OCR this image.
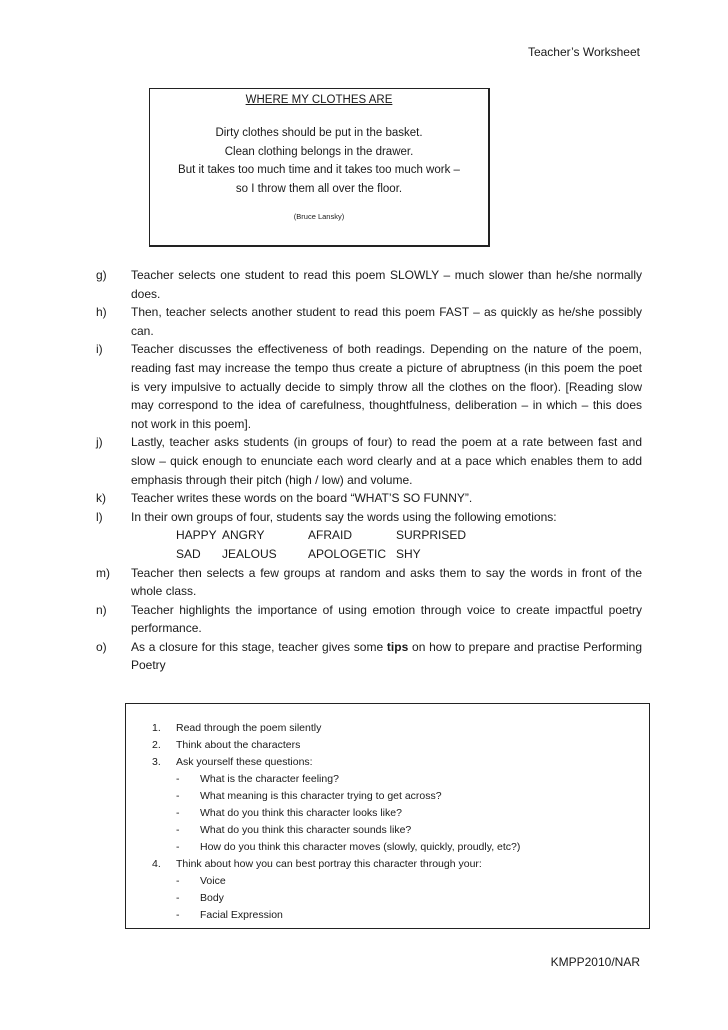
Teacher’s Worksheet
WHERE MY CLOTHES ARE
Dirty clothes should be put in the basket.
Clean clothing belongs in the drawer.
But it takes too much time and it takes too much work –
so I throw them all over the floor.
(Bruce Lansky)
g) Teacher selects one student to read this poem SLOWLY – much slower than he/she normally does.
h) Then, teacher selects another student to read this poem FAST – as quickly as he/she possibly can.
i) Teacher discusses the effectiveness of both readings. Depending on the nature of the poem, reading fast may increase the tempo thus create a picture of abruptness (in this poem the poet is very impulsive to actually decide to simply throw all the clothes on the floor). [Reading slow may correspond to the idea of carefulness, thoughtfulness, deliberation – in which – this does not work in this poem].
j) Lastly, teacher asks students (in groups of four) to read the poem at a rate between fast and slow – quick enough to enunciate each word clearly and at a pace which enables them to add emphasis through their pitch (high / low) and volume.
k) Teacher writes these words on the board “WHAT’S SO FUNNY”.
l) In their own groups of four, students say the words using the following emotions:
HAPPY ANGRY	AFRAID	SURPRISED
SAD JEALOUS	APOLOGETIC SHY
m) Teacher then selects a few groups at random and asks them to say the words in front of the whole class.
n) Teacher highlights the importance of using emotion through voice to create impactful poetry performance.
o) As a closure for this stage, teacher gives some tips on how to prepare and practise Performing Poetry
1. Read through the poem silently
2. Think about the characters
3. Ask yourself these questions:
- What is the character feeling?
- What meaning is this character trying to get across?
- What do you think this character looks like?
- What do you think this character sounds like?
- How do you think this character moves (slowly, quickly, proudly, etc?)
4. Think about how you can best portray this character through your:
- Voice
- Body
- Facial Expression
KMPP2010/NAR
